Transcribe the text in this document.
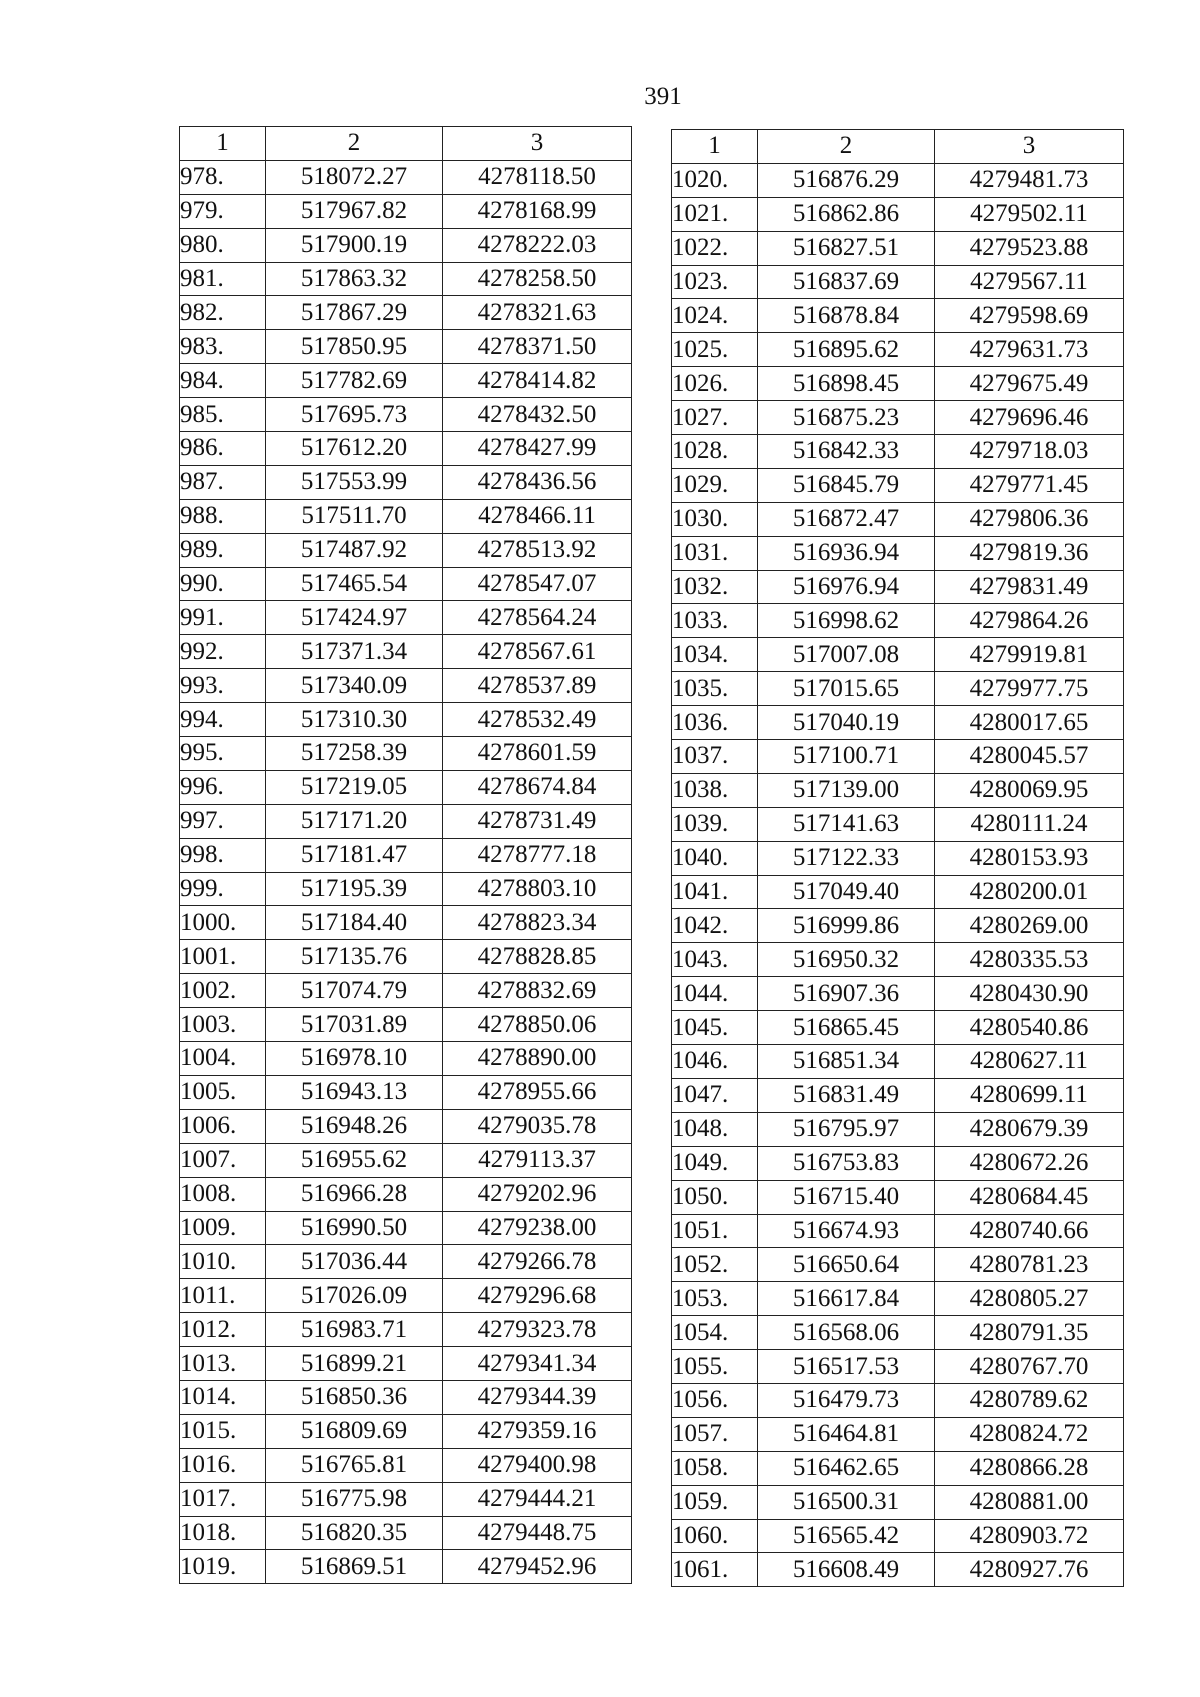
391
1	2	3
978.	518072.27	4278118.50
979.	517967.82	4278168.99
980.	517900.19	4278222.03
981.	517863.32	4278258.50
982.	517867.29	4278321.63
983.	517850.95	4278371.50
984.	517782.69	4278414.82
985.	517695.73	4278432.50
986.	517612.20	4278427.99
987.	517553.99	4278436.56
988.	517511.70	4278466.11
989.	517487.92	4278513.92
990.	517465.54	4278547.07
991.	517424.97	4278564.24
992.	517371.34	4278567.61
993.	517340.09	4278537.89
994.	517310.30	4278532.49
995.	517258.39	4278601.59
996.	517219.05	4278674.84
997.	517171.20	4278731.49
998.	517181.47	4278777.18
999.	517195.39	4278803.10
1000.	517184.40	4278823.34
1001.	517135.76	4278828.85
1002.	517074.79	4278832.69
1003.	517031.89	4278850.06
1004.	516978.10	4278890.00
1005.	516943.13	4278955.66
1006.	516948.26	4279035.78
1007.	516955.62	4279113.37
1008.	516966.28	4279202.96
1009.	516990.50	4279238.00
1010.	517036.44	4279266.78
1011.	517026.09	4279296.68
1012.	516983.71	4279323.78
1013.	516899.21	4279341.34
1014.	516850.36	4279344.39
1015.	516809.69	4279359.16
1016.	516765.81	4279400.98
1017.	516775.98	4279444.21
1018.	516820.35	4279448.75
1019.	516869.51	4279452.96
1	2	3
1020.	516876.29	4279481.73
1021.	516862.86	4279502.11
1022.	516827.51	4279523.88
1023.	516837.69	4279567.11
1024.	516878.84	4279598.69
1025.	516895.62	4279631.73
1026.	516898.45	4279675.49
1027.	516875.23	4279696.46
1028.	516842.33	4279718.03
1029.	516845.79	4279771.45
1030.	516872.47	4279806.36
1031.	516936.94	4279819.36
1032.	516976.94	4279831.49
1033.	516998.62	4279864.26
1034.	517007.08	4279919.81
1035.	517015.65	4279977.75
1036.	517040.19	4280017.65
1037.	517100.71	4280045.57
1038.	517139.00	4280069.95
1039.	517141.63	4280111.24
1040.	517122.33	4280153.93
1041.	517049.40	4280200.01
1042.	516999.86	4280269.00
1043.	516950.32	4280335.53
1044.	516907.36	4280430.90
1045.	516865.45	4280540.86
1046.	516851.34	4280627.11
1047.	516831.49	4280699.11
1048.	516795.97	4280679.39
1049.	516753.83	4280672.26
1050.	516715.40	4280684.45
1051.	516674.93	4280740.66
1052.	516650.64	4280781.23
1053.	516617.84	4280805.27
1054.	516568.06	4280791.35
1055.	516517.53	4280767.70
1056.	516479.73	4280789.62
1057.	516464.81	4280824.72
1058.	516462.65	4280866.28
1059.	516500.31	4280881.00
1060.	516565.42	4280903.72
1061.	516608.49	4280927.76
